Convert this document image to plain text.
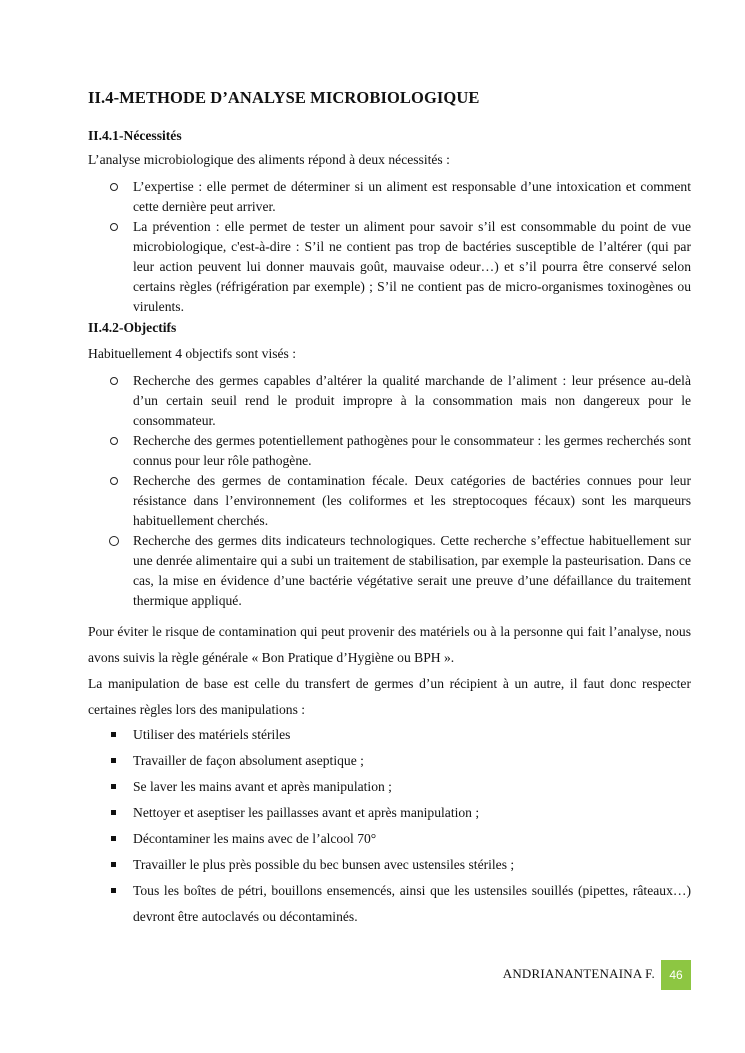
II.4-METHODE D’ANALYSE MICROBIOLOGIQUE
II.4.1-Nécessités
L’analyse microbiologique des aliments répond à deux nécessités :
L’expertise : elle permet de déterminer si un aliment est responsable d’une intoxication et comment cette dernière peut arriver.
La prévention : elle permet de tester un aliment pour savoir s’il est consommable du point de vue microbiologique, c'est-à-dire : S’il ne contient pas trop de bactéries susceptible de l’altérer (qui par leur action peuvent lui donner mauvais goût, mauvaise odeur…) et s’il pourra être conservé selon certains règles (réfrigération par exemple) ; S’il ne contient pas de micro-organismes toxinogènes ou virulents.
II.4.2-Objectifs
Habituellement 4 objectifs sont visés :
Recherche des germes capables d’altérer la qualité marchande de l’aliment : leur présence au-delà d’un certain seuil rend le produit impropre à la consommation mais non dangereux pour le consommateur.
Recherche des germes potentiellement pathogènes pour le consommateur : les germes recherchés sont connus pour leur rôle pathogène.
Recherche des germes de contamination fécale. Deux catégories de bactéries connues pour leur résistance dans l’environnement (les coliformes et les streptocoques fécaux) sont les marqueurs habituellement cherchés.
Recherche des germes dits indicateurs technologiques. Cette recherche s’effectue habituellement sur une denrée alimentaire qui a subi un traitement de stabilisation, par exemple la pasteurisation. Dans ce cas, la mise en évidence d’une bactérie végétative serait une preuve d’une défaillance du traitement thermique appliqué.
Pour éviter le risque de contamination qui peut provenir des matériels ou à la personne qui fait l’analyse, nous avons suivis la règle générale « Bon Pratique d’Hygiène ou BPH ».
La manipulation de base est celle du transfert de germes d’un récipient à un autre, il faut donc respecter certaines règles lors des manipulations :
Utiliser des matériels stériles
Travailler de façon absolument aseptique ;
Se laver les mains avant et après manipulation ;
Nettoyer et aseptiser les paillasses avant et après manipulation ;
Décontaminer les mains avec de l’alcool 70°
Travailler le plus près possible du bec bunsen avec ustensiles stériles ;
Tous les boîtes de pétri, bouillons ensemencés, ainsi que les ustensiles souillés (pipettes, râteaux…) devront être autoclavés ou décontaminés.
ANDRIANANTENAINA F.	46
